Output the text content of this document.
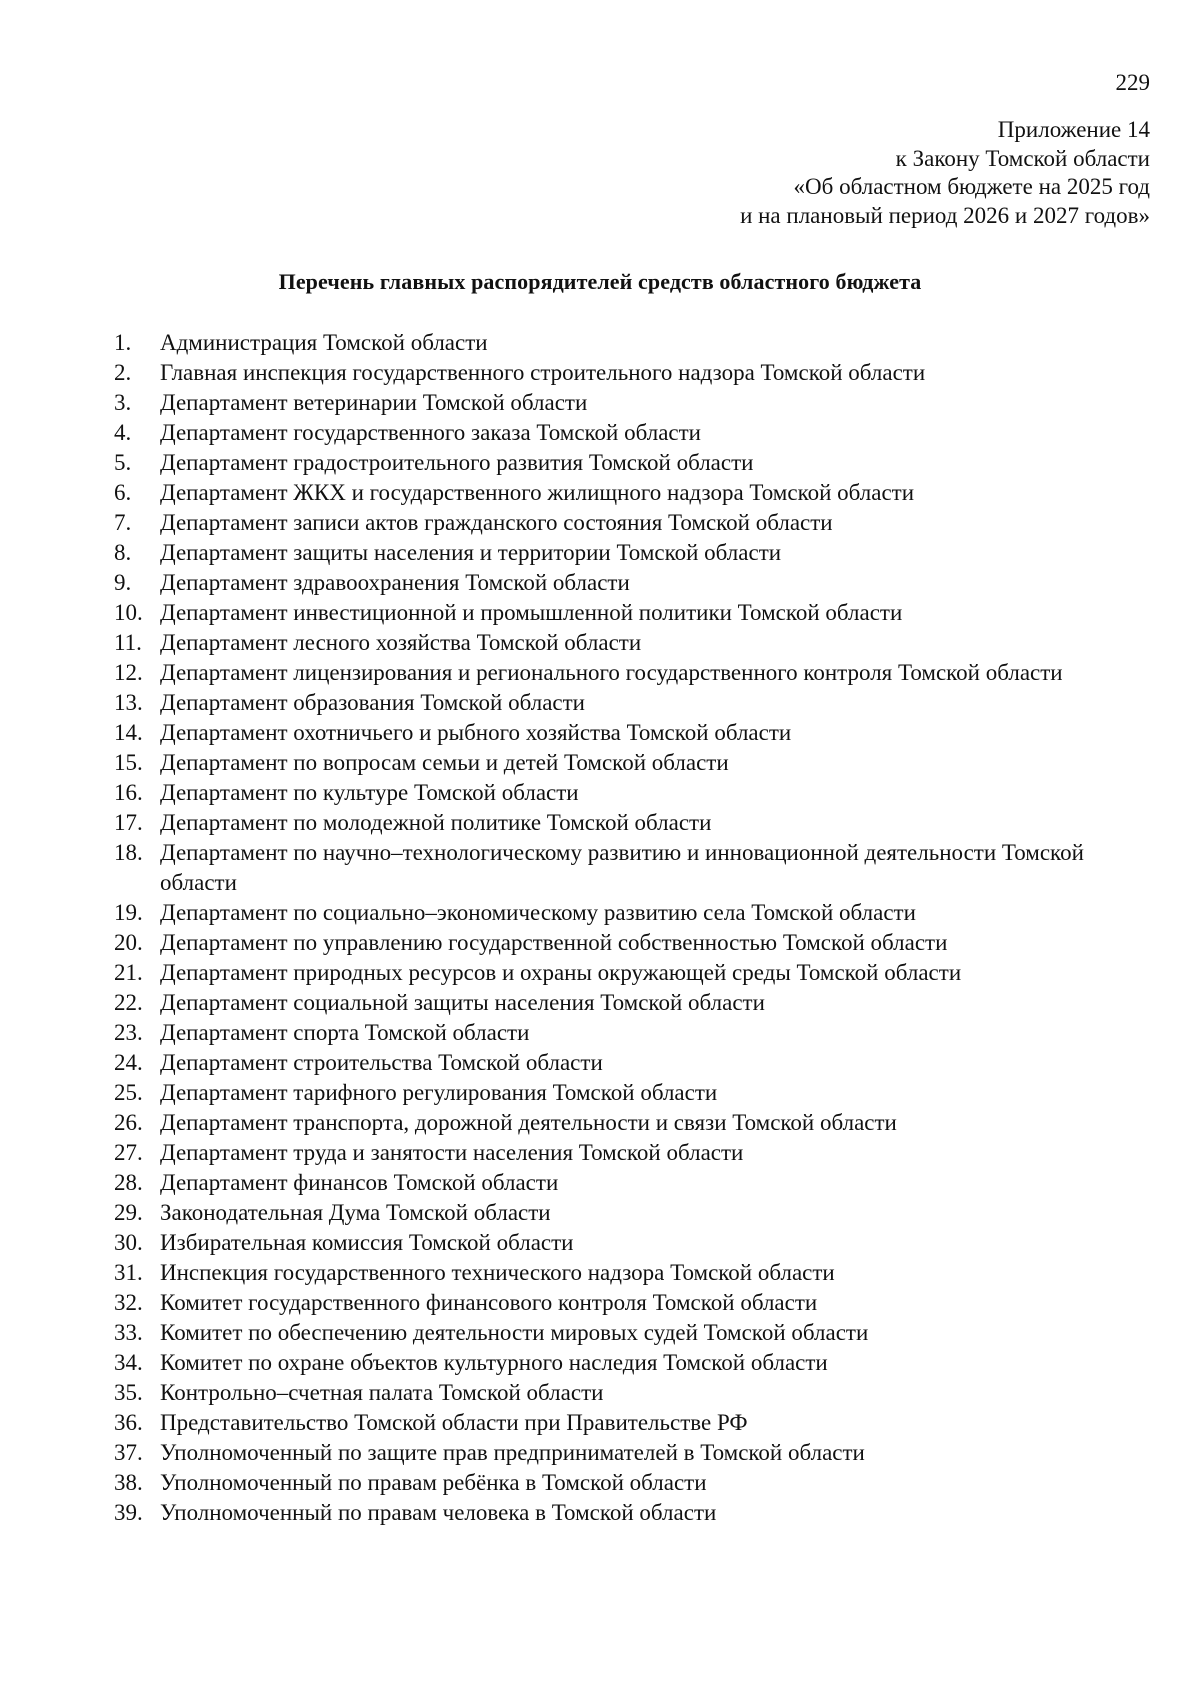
229
Приложение 14
к Закону Томской области
«Об областном бюджете на 2025 год
и на плановый период 2026 и 2027 годов»
Перечень главных распорядителей средств областного бюджета
1.	Администрация Томской области
2.	Главная инспекция государственного строительного надзора Томской области
3.	Департамент ветеринарии Томской области
4.	Департамент государственного заказа Томской области
5.	Департамент градостроительного развития Томской области
6.	Департамент ЖКХ и государственного жилищного надзора Томской области
7.	Департамент записи актов гражданского состояния Томской области
8.	Департамент защиты населения и территории Томской области
9.	Департамент здравоохранения Томской области
10. Департамент инвестиционной и промышленной политики Томской области
11. Департамент лесного хозяйства Томской области
12. Департамент лицензирования и регионального государственного контроля Томской области
13. Департамент образования Томской области
14. Департамент охотничьего и рыбного хозяйства Томской области
15. Департамент по вопросам семьи и детей Томской области
16. Департамент по культуре Томской области
17. Департамент по молодежной политике Томской области
18. Департамент по научно–технологическому развитию и инновационной деятельности Томской области
19. Департамент по социально–экономическому развитию села Томской области
20. Департамент по управлению государственной собственностью Томской области
21. Департамент природных ресурсов и охраны окружающей среды Томской области
22. Департамент социальной защиты населения Томской области
23. Департамент спорта Томской области
24. Департамент строительства Томской области
25. Департамент тарифного регулирования Томской области
26. Департамент транспорта, дорожной деятельности и связи Томской области
27. Департамент труда и занятости населения Томской области
28. Департамент финансов Томской области
29. Законодательная Дума Томской области
30. Избирательная комиссия Томской области
31. Инспекция государственного технического надзора Томской области
32. Комитет государственного финансового контроля Томской области
33. Комитет по обеспечению деятельности мировых судей Томской области
34. Комитет по охране объектов культурного наследия Томской области
35. Контрольно–счетная палата Томской области
36. Представительство Томской области при Правительстве РФ
37. Уполномоченный по защите прав предпринимателей в Томской области
38. Уполномоченный по правам ребёнка в Томской области
39. Уполномоченный по правам человека в Томской области
